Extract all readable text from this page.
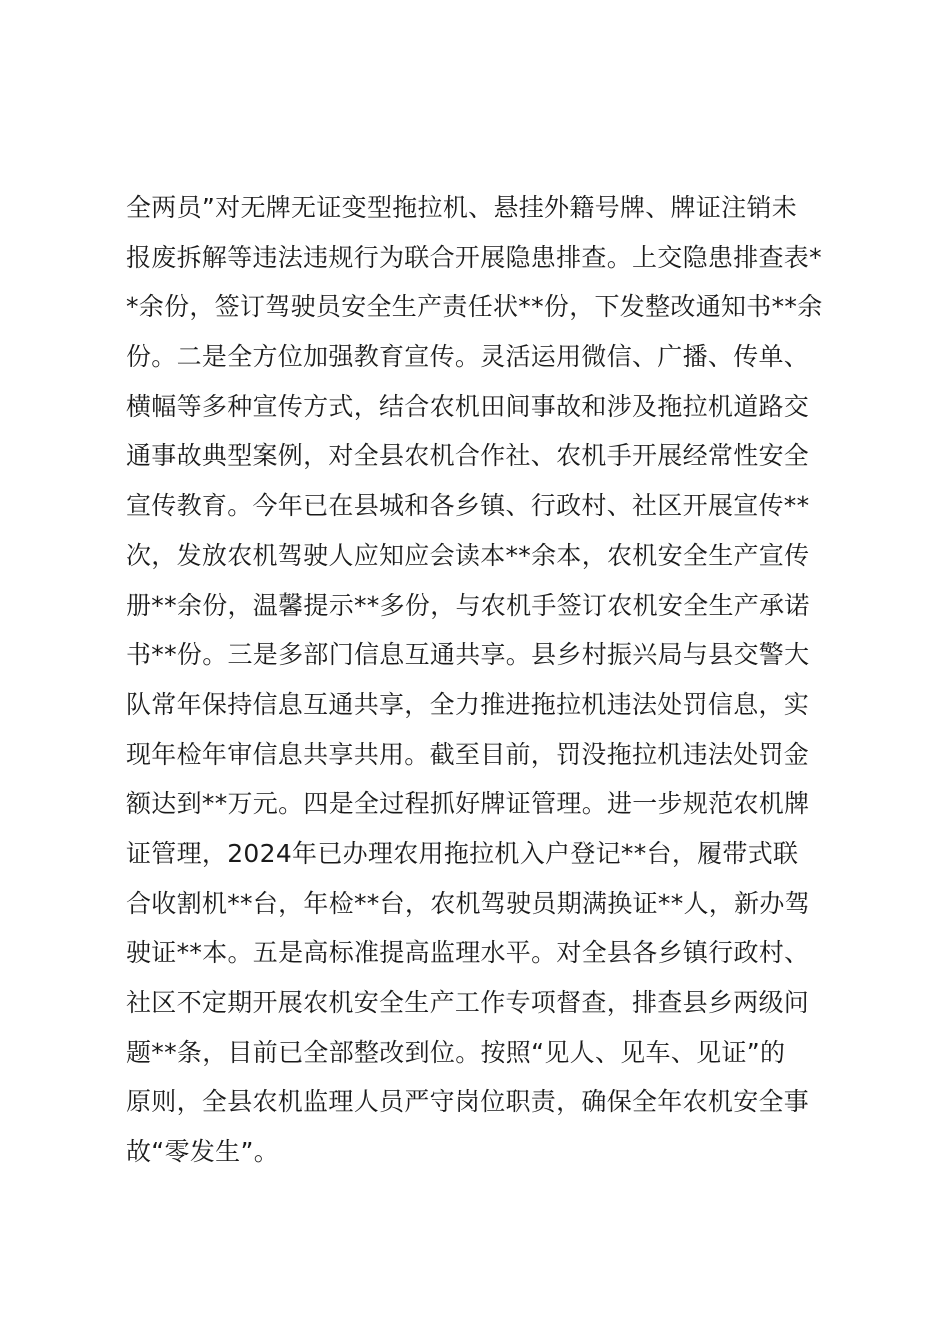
全两员”对无牌无证变型拖拉机、悬挂外籍号牌、牌证注销未
报废拆解等违法违规行为联合开展隐患排查。上交隐患排查表*
*余份，签订驾驶员安全生产责任状**份，下发整改通知书**余
份。二是全方位加强教育宣传。灵活运用微信、广播、传单、
横幅等多种宣传方式，结合农机田间事故和涉及拖拉机道路交
通事故典型案例，对全县农机合作社、农机手开展经常性安全
宣传教育。今年已在县城和各乡镇、行政村、社区开展宣传**
次，发放农机驾驶人应知应会读本**余本，农机安全生产宣传
册**余份，温馨提示**多份，与农机手签订农机安全生产承诺
书**份。三是多部门信息互通共享。县乡村振兴局与县交警大
队常年保持信息互通共享，全力推进拖拉机违法处罚信息，实
现年检年审信息共享共用。截至目前，罚没拖拉机违法处罚金
额达到**万元。四是全过程抓好牌证管理。进一步规范农机牌
证管理，2024年已办理农用拖拉机入户登记**台，履带式联
合收割机**台，年检**台，农机驾驶员期满换证**人，新办驾
驶证**本。五是高标准提高监理水平。对全县各乡镇行政村、
社区不定期开展农机安全生产工作专项督查，排查县乡两级问
题**条，目前已全部整改到位。按照“见人、见车、见证”的
原则，全县农机监理人员严守岗位职责，确保全年农机安全事
故“零发生”。
